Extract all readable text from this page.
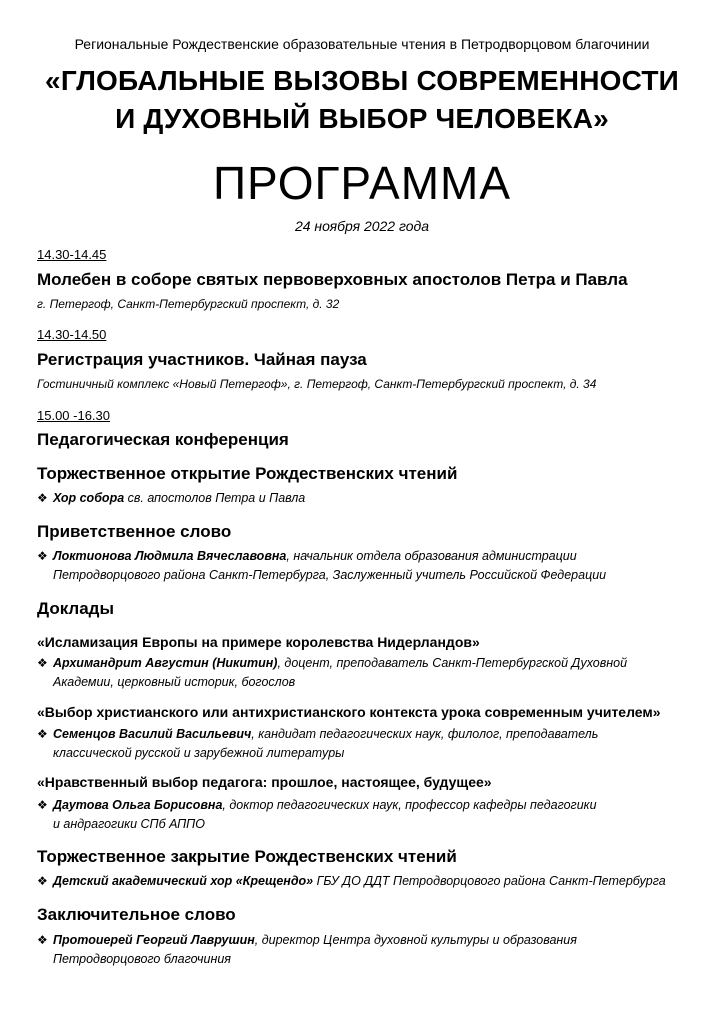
Региональные Рождественские образовательные чтения в Петродворцовом благочинии
«ГЛОБАЛЬНЫЕ ВЫЗОВЫ СОВРЕМЕННОСТИ
И ДУХОВНЫЙ ВЫБОР ЧЕЛОВЕКА»
ПРОГРАММА
24 ноября 2022 года
14.30-14.45
Молебен в соборе святых первоверховных апостолов Петра и Павла
г. Петергоф, Санкт-Петербургский проспект, д. 32
14.30-14.50
Регистрация участников. Чайная пауза
Гостиничный комплекс «Новый Петергоф», г. Петергоф, Санкт-Петербургский проспект, д. 34
15.00 -16.30
Педагогическая конференция
Торжественное открытие Рождественских чтений
❖ Хор собора св. апостолов Петра и Павла
Приветственное слово
❖ Локтионова Людмила Вячеславовна, начальник отдела образования администрации
Петродворцового района Санкт-Петербурга, Заслуженный учитель Российской Федерации
Доклады
«Исламизация Европы на примере королевства Нидерландов»
❖ Архимандрит Августин (Никитин), доцент, преподаватель Санкт-Петербургской Духовной
Академии, церковный историк, богослов
«Выбор христианского или антихристианского контекста урока современным учителем»
❖ Семенцов Василий Васильевич, кандидат педагогических наук, филолог, преподаватель
классической русской и зарубежной литературы
«Нравственный выбор педагога: прошлое, настоящее, будущее»
❖ Даутова Ольга Борисовна, доктор педагогических наук, профессор кафедры педагогики
и андрагогики СПб АППО
Торжественное закрытие Рождественских чтений
❖ Детский академический хор «Крещендо» ГБУ ДО ДДТ Петродворцового района Санкт-Петербурга
Заключительное слово
❖ Протоиерей Георгий Лаврушин, директор Центра духовной культуры и образования
Петродворцового благочиния
